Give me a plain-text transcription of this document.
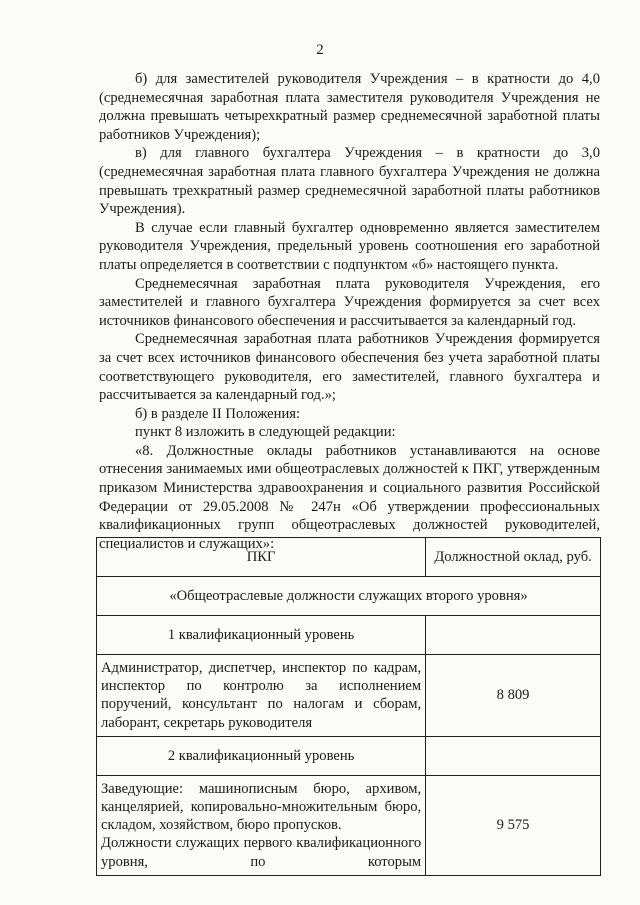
2

б) для заместителей руководителя Учреждения – в кратности до 4,0 (среднемесячная заработная плата заместителя руководителя Учреждения не должна превышать четырехкратный размер среднемесячной заработной платы работников Учреждения);

в) для главного бухгалтера Учреждения – в кратности до 3,0 (среднемесячная заработная плата главного бухгалтера Учреждения не должна превышать трехкратный размер среднемесячной заработной платы работников Учреждения).

В случае если главный бухгалтер одновременно является заместителем руководителя Учреждения, предельный уровень соотношения его заработной платы определяется в соответствии с подпунктом «б» настоящего пункта.

Среднемесячная заработная плата руководителя Учреждения, его заместителей и главного бухгалтера Учреждения формируется за счет всех источников финансового обеспечения и рассчитывается за календарный год.

Среднемесячная заработная плата работников Учреждения формируется за счет всех источников финансового обеспечения без учета заработной платы соответствующего руководителя, его заместителей, главного бухгалтера и рассчитывается за календарный год.»;

б) в разделе II Положения:

пункт 8 изложить в следующей редакции:

«8. Должностные оклады работников устанавливаются на основе отнесения занимаемых ими общеотраслевых должностей к ПКГ, утвержденным приказом Министерства здравоохранения и социального развития Российской Федерации от 29.05.2008 № 247н «Об утверждении профессиональных квалификационных групп общеотраслевых должностей руководителей, специалистов и служащих»:

ПКГ	Должностной оклад, руб.
«Общеотраслевые должности служащих второго уровня»	
1 квалификационный уровень	
Администратор, диспетчер, инспектор по кадрам, инспектор по контролю за исполнением поручений, консультант по налогам и сборам, лаборант, секретарь руководителя	8 809
2 квалификационный уровень	

Заведующие: машинописным бюро, архивом, канцелярией, копировально-множительным бюро, складом, хозяйством, бюро пропусков.
Должности служащих первого квалификационного уровня, по которым	9 575
